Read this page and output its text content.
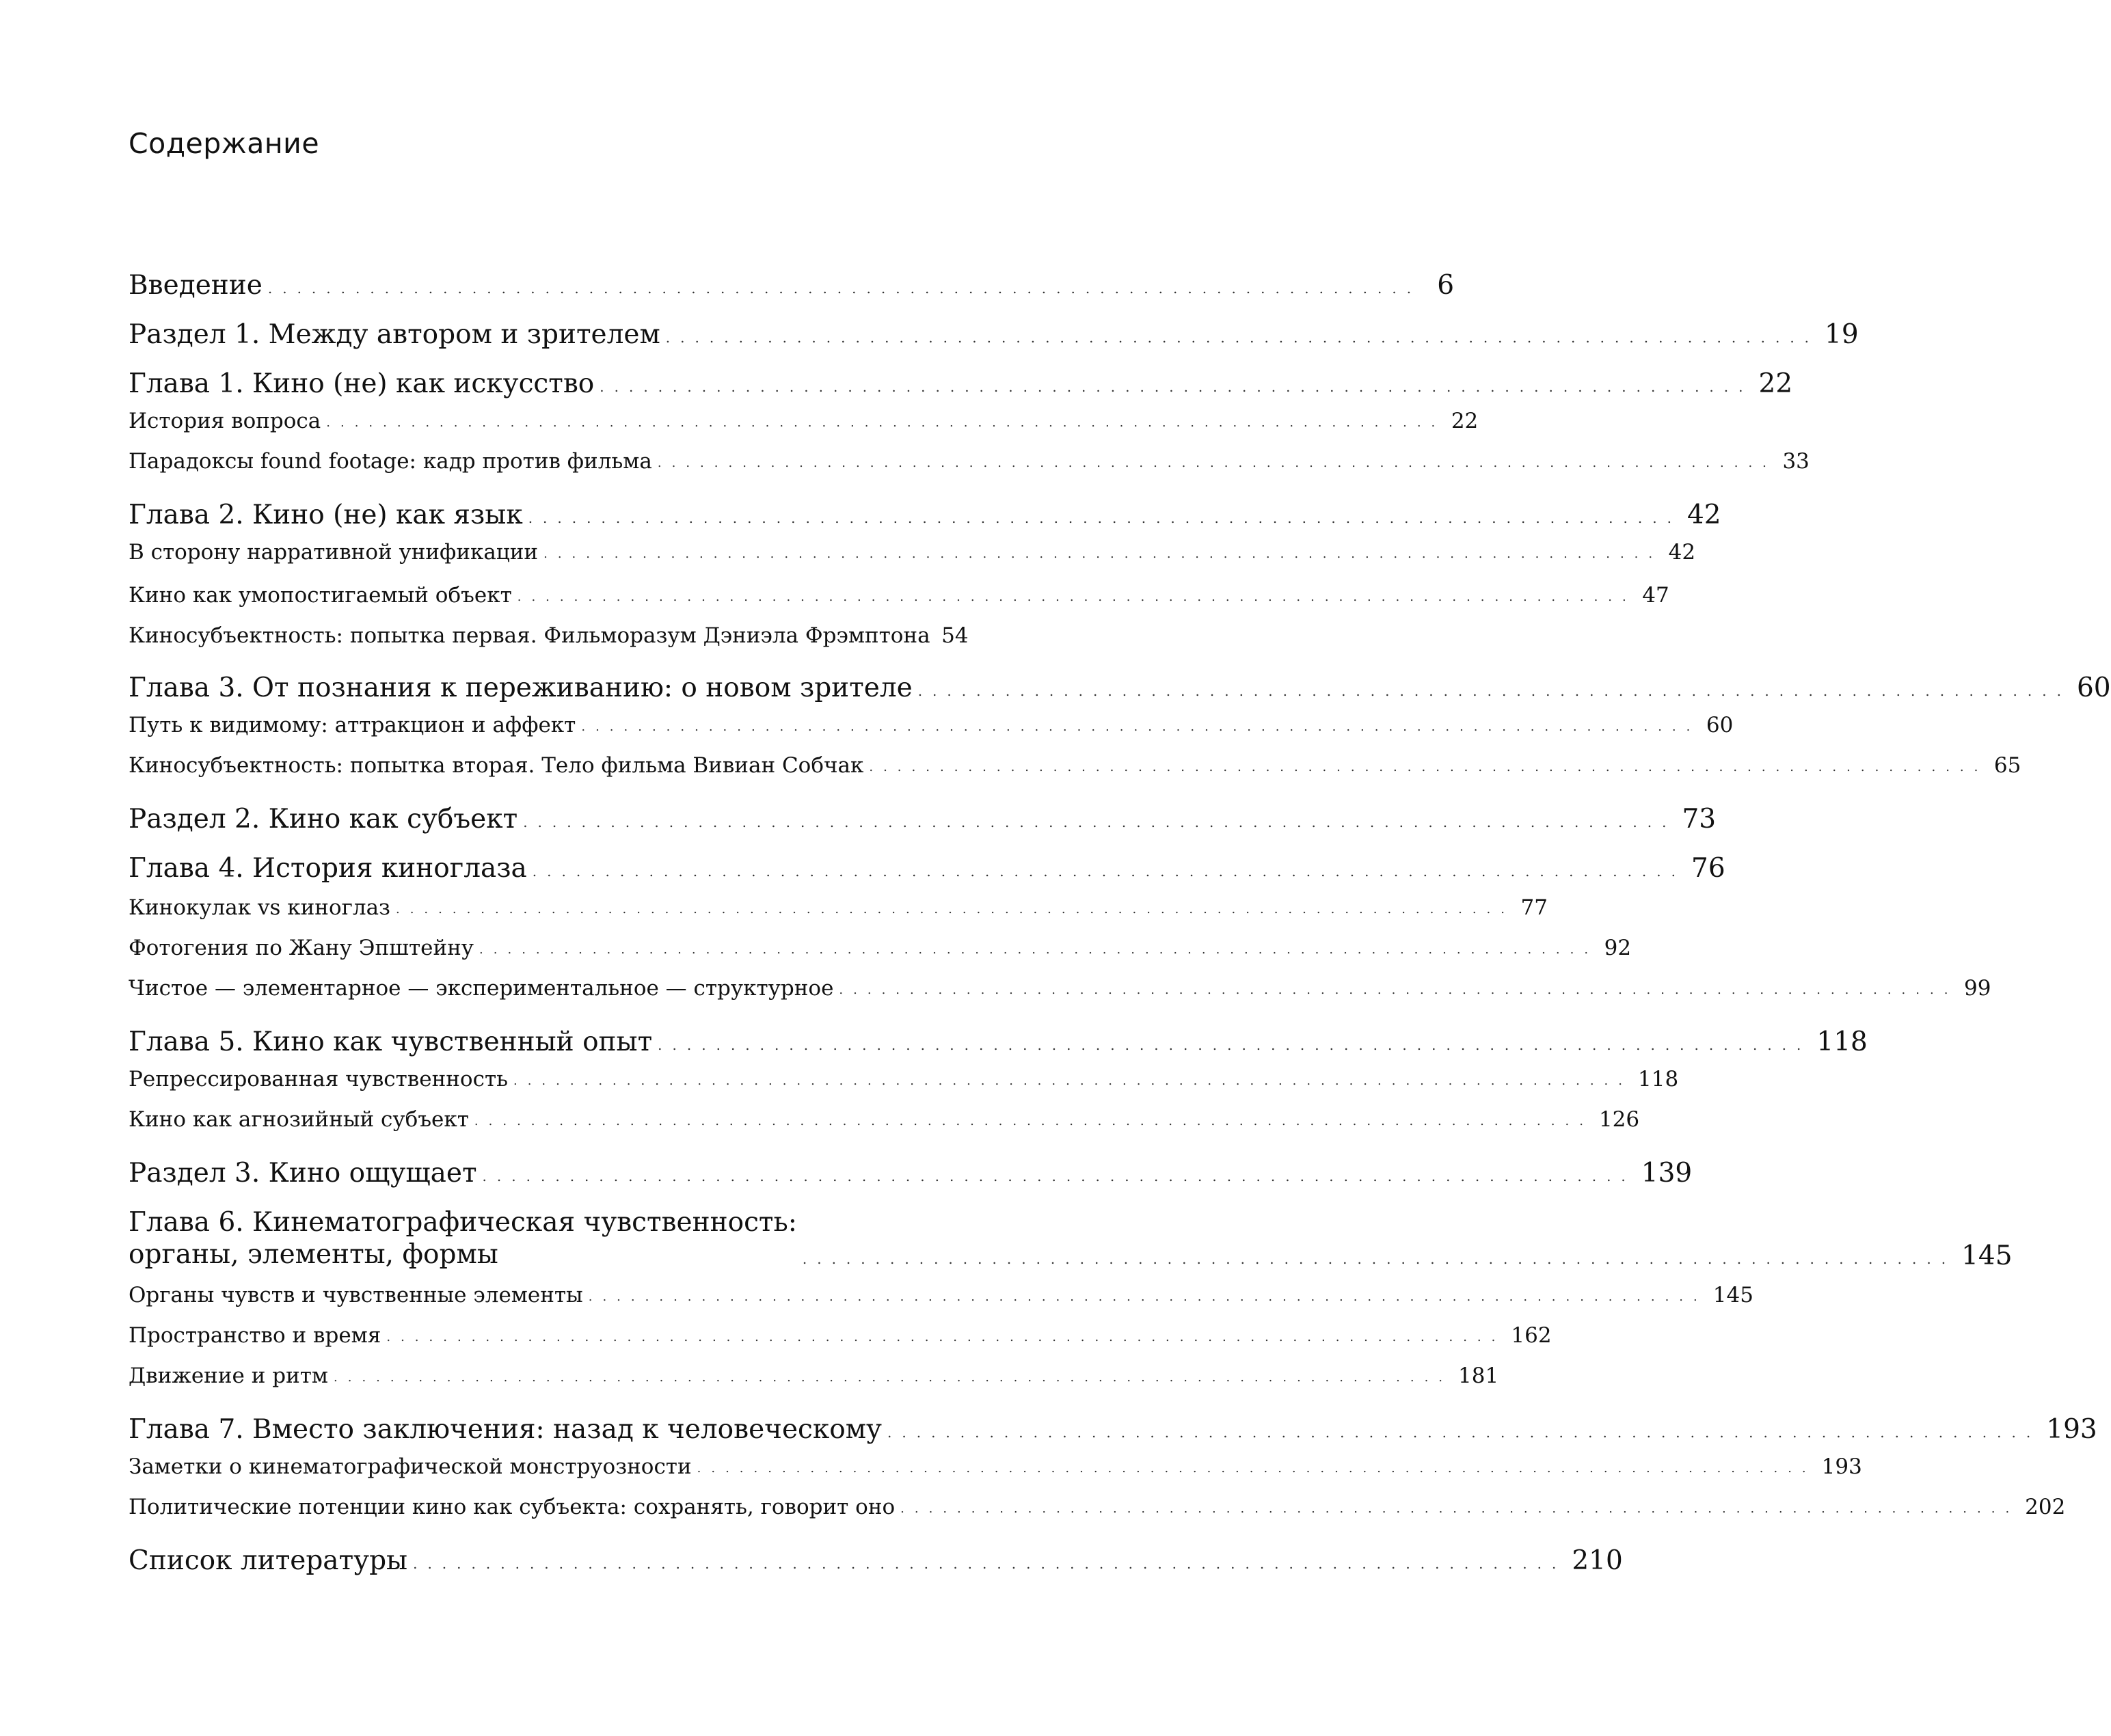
Содержание
Введение ............................................................................... 6
Раздел 1. Между автором и зрителем ............................................................................... 19
Глава 1. Кино (не) как искусство ............................................................................... 22
История вопроса ............................................................................... 22
Парадоксы found footage: кадр против фильма ............................................................................... 33
Глава 2. Кино (не) как язык ............................................................................... 42
В сторону нарративной унификации ............................................................................... 42
Кино как умопостигаемый объект ............................................................................... 47
Киносубъектность: попытка первая. Фильморазум Дэниэла Фрэмптона 54
Глава 3. От познания к переживанию: о новом зрителе ............................................................................... 60
Путь к видимому: аттракцион и аффект ............................................................................... 60
Киносубъектность: попытка вторая. Тело фильма Вивиан Собчак ............................................................................... 65
Раздел 2. Кино как субъект ............................................................................... 73
Глава 4. История киноглаза ............................................................................... 76
Кинокулак vs киноглаз ............................................................................... 77
Фотогения по Жану Эпштейну ............................................................................... 92
Чистое — элементарное — экспериментальное — структурное ............................................................................... 99
Глава 5. Кино как чувственный опыт ............................................................................... 118
Репрессированная чувственность ............................................................................... 118
Кино как агнозийный субъект ............................................................................... 126
Раздел 3. Кино ощущает ............................................................................... 139
Глава 6. Кинематографическая чувственность:
органы, элементы, формы	............................................................................... 145
Органы чувств и чувственные элементы ............................................................................... 145
Пространство и время ............................................................................... 162
Движение и ритм ............................................................................... 181
Глава 7. Вместо заключения: назад к человеческому ............................................................................... 193
Заметки о кинематографической монструозности ............................................................................... 193
Политические потенции кино как субъекта: сохранять, говорит оно ............................................................................... 202
Список литературы ............................................................................... 210
